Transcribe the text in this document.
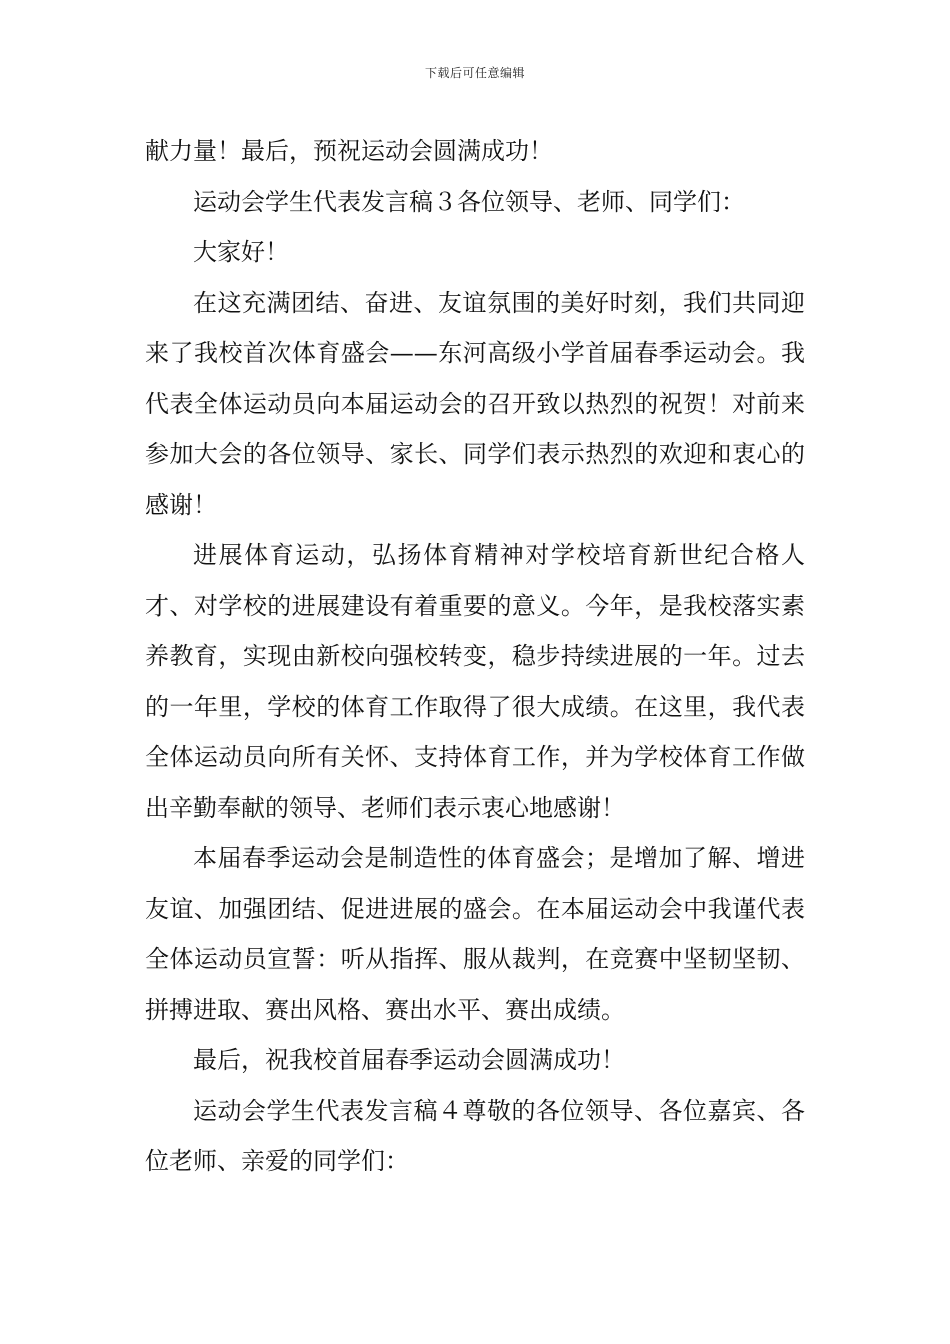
下载后可任意编辑

献力量！最后，预祝运动会圆满成功！

运动会学生代表发言稿３各位领导、老师、同学们：

大家好！

在这充满团结、奋进、友谊氛围的美好时刻，我们共同迎来了我校首次体育盛会——东河高级小学首届春季运动会。我代表全体运动员向本届运动会的召开致以热烈的祝贺！对前来参加大会的各位领导、家长、同学们表示热烈的欢迎和衷心的感谢！

进展体育运动，弘扬体育精神对学校培育新世纪合格人才、对学校的进展建设有着重要的意义。今年，是我校落实素养教育，实现由新校向强校转变，稳步持续进展的一年。过去的一年里，学校的体育工作取得了很大成绩。在这里，我代表全体运动员向所有关怀、支持体育工作，并为学校体育工作做出辛勤奉献的领导、老师们表示衷心地感谢！

本届春季运动会是制造性的体育盛会；是增加了解、增进友谊、加强团结、促进进展的盛会。在本届运动会中我谨代表全体运动员宣誓：听从指挥、服从裁判，在竞赛中坚韧坚韧、拼搏进取、赛出风格、赛出水平、赛出成绩。

最后，祝我校首届春季运动会圆满成功！

运动会学生代表发言稿４尊敬的各位领导、各位嘉宾、各位老师、亲爱的同学们：
